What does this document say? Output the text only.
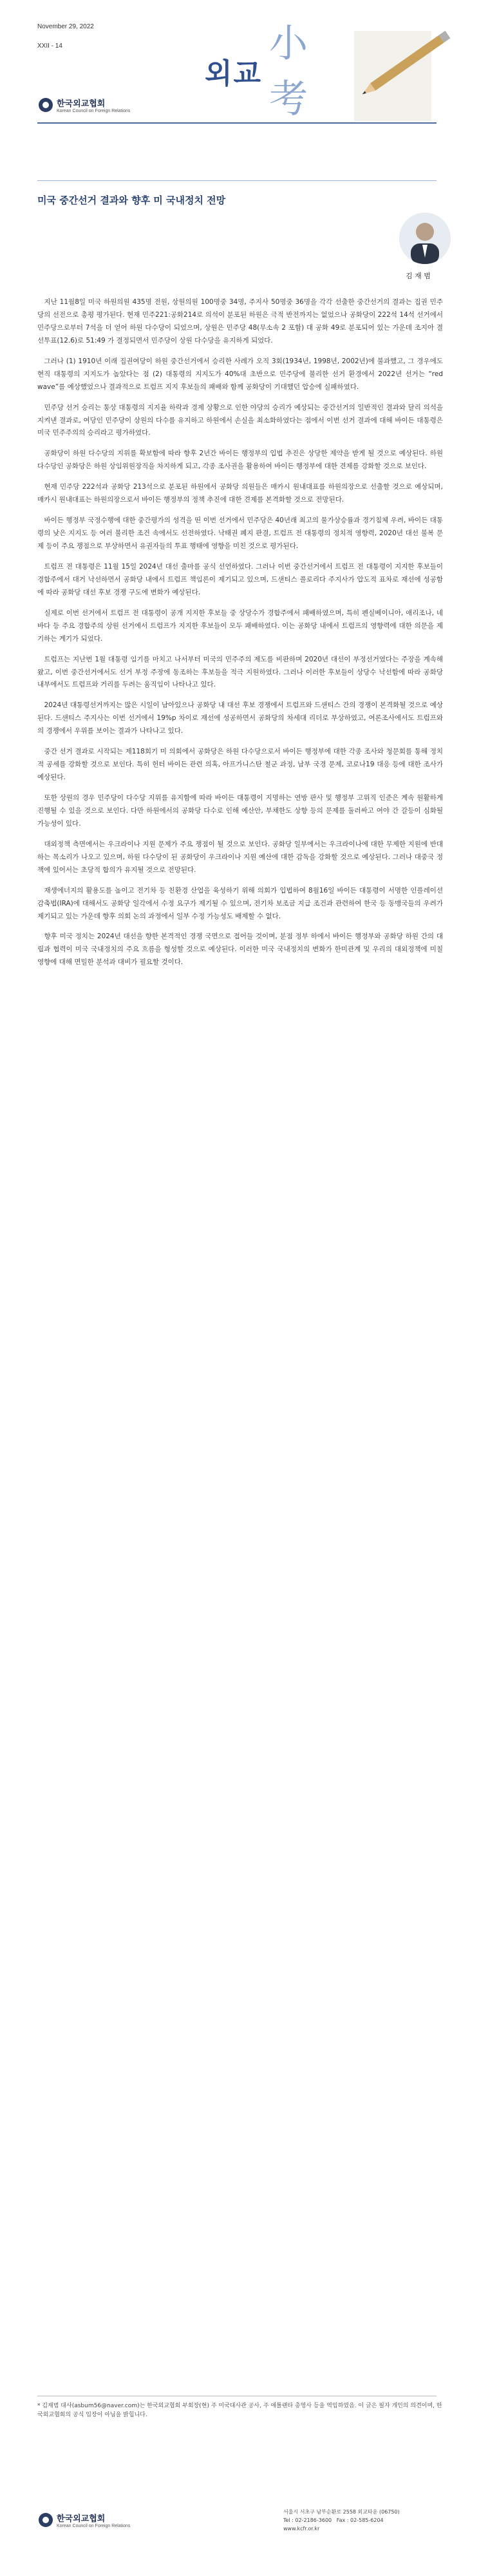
November 29, 2022
XXII - 14
한국외교협회
Korean Council on Foreign Relations
외교
小考
미국 중간선거 결과와 향후 미 국내정치 전망
김 재 범

지난 11월8일 미국 하원의원 435명 전원, 상원의원 100명중 34명, 주지사 50명중 36명을 각각 선출한 중간선거의 결과는 집권 민주당의 선전으로 총평 평가된다. 현재 민주221:공화214로 의석이 분포된 하원은 극적 반전까지는 없었으나 공화당이 222석 14석 선거에서 민주당으로부터 7석을 더 얻어 하원 다수당이 되었으며, 상원은 민주당 48(무소속 2 포함) 대 공화 49로 분포되어 있는 가운데 조지아 결선투표(12.6)로 51:49 가 결정되면서 민주당이 상원 다수당을 유지하게 되었다.

그러나 (1) 1910년 이래 집권여당이 하원 중간선거에서 승리한 사례가 오직 3회(1934년, 1998년, 2002년)에 불과했고, 그 경우에도 현직 대통령의 지지도가 높았다는 점 (2) 대통령의 지지도가 40%대 초반으로 민주당에 불리한 선거 환경에서 2022년 선거는 “red wave”를 예상했었으나 결과적으로 트럼프 지지 후보들의 패배와 함께 공화당이 기대했던 압승에 실패하였다.

민주당 선거 승리는 통상 대통령의 지지율 하락과 경제 상황으로 인한 야당의 승리가 예상되는 중간선거의 일반적인 결과와 달리 의석을 지켜낸 결과로, 여당인 민주당이 상원의 다수를 유지하고 하원에서 손실을 최소화하였다는 점에서 이번 선거 결과에 대해 바이든 대통령은 미국 민주주의의 승리라고 평가하였다.

공화당이 하원 다수당의 지위를 확보함에 따라 향후 2년간 바이든 행정부의 입법 추진은 상당한 제약을 받게 될 것으로 예상된다. 하원 다수당인 공화당은 하원 상임위원장직을 차지하게 되고, 각종 조사권을 활용하여 바이든 행정부에 대한 견제를 강화할 것으로 보인다.

현재 민주당 222석과 공화당 213석으로 분포된 하원에서 공화당 의원들은 매카시 원내대표를 하원의장으로 선출할 것으로 예상되며, 매카시 원내대표는 하원의장으로서 바이든 행정부의 정책 추진에 대한 견제를 본격화할 것으로 전망된다.

바이든 행정부 국정수행에 대한 중간평가의 성격을 띤 이번 선거에서 민주당은 40년래 최고의 물가상승률과 경기침체 우려, 바이든 대통령의 낮은 지지도 등 여러 불리한 조건 속에서도 선전하였다. 낙태권 폐지 판결, 트럼프 전 대통령의 정치적 영향력, 2020년 대선 불복 문제 등이 주요 쟁점으로 부상하면서 유권자들의 투표 행태에 영향을 미친 것으로 평가된다.

트럼프 전 대통령은 11월 15일 2024년 대선 출마를 공식 선언하였다. 그러나 이번 중간선거에서 트럼프 전 대통령이 지지한 후보들이 경합주에서 대거 낙선하면서 공화당 내에서 트럼프 책임론이 제기되고 있으며, 드샌티스 플로리다 주지사가 압도적 표차로 재선에 성공함에 따라 공화당 대선 후보 경쟁 구도에 변화가 예상된다.

실제로 이번 선거에서 트럼프 전 대통령이 공개 지지한 후보들 중 상당수가 경합주에서 패배하였으며, 특히 펜실베이니아, 애리조나, 네바다 등 주요 경합주의 상원 선거에서 트럼프가 지지한 후보들이 모두 패배하였다. 이는 공화당 내에서 트럼프의 영향력에 대한 의문을 제기하는 계기가 되었다.

트럼프는 지난번 1월 대통령 임기를 마치고 나서부터 미국의 민주주의 제도를 비판하며 2020년 대선이 부정선거였다는 주장을 계속해 왔고, 이번 중간선거에서도 선거 부정 주장에 동조하는 후보들을 적극 지원하였다. 그러나 이러한 후보들이 상당수 낙선함에 따라 공화당 내부에서도 트럼프와 거리를 두려는 움직임이 나타나고 있다.

2024년 대통령선거까지는 많은 시일이 남아있으나 공화당 내 대선 후보 경쟁에서 트럼프와 드샌티스 간의 경쟁이 본격화될 것으로 예상된다. 드샌티스 주지사는 이번 선거에서 19%p 차이로 재선에 성공하면서 공화당의 차세대 리더로 부상하였고, 여론조사에서도 트럼프와의 경쟁에서 우위를 보이는 결과가 나타나고 있다.

중간 선거 결과로 시작되는 제118회기 미 의회에서 공화당은 하원 다수당으로서 바이든 행정부에 대한 각종 조사와 청문회를 통해 정치적 공세를 강화할 것으로 보인다. 특히 헌터 바이든 관련 의혹, 아프가니스탄 철군 과정, 남부 국경 문제, 코로나19 대응 등에 대한 조사가 예상된다.

또한 상원의 경우 민주당이 다수당 지위를 유지함에 따라 바이든 대통령이 지명하는 연방 판사 및 행정부 고위직 인준은 계속 원활하게 진행될 수 있을 것으로 보인다. 다만 하원에서의 공화당 다수로 인해 예산안, 부채한도 상향 등의 문제를 둘러싸고 여야 간 갈등이 심화될 가능성이 있다.

대외정책 측면에서는 우크라이나 지원 문제가 주요 쟁점이 될 것으로 보인다. 공화당 일부에서는 우크라이나에 대한 무제한 지원에 반대하는 목소리가 나오고 있으며, 하원 다수당이 된 공화당이 우크라이나 지원 예산에 대한 감독을 강화할 것으로 예상된다. 그러나 대중국 정책에 있어서는 초당적 합의가 유지될 것으로 전망된다.

재생에너지의 활용도를 높이고 전기차 등 친환경 산업을 육성하기 위해 의회가 입법하여 8월16일 바이든 대통령이 서명한 인플레이션 감축법(IRA)에 대해서도 공화당 일각에서 수정 요구가 제기될 수 있으며, 전기차 보조금 지급 조건과 관련하여 한국 등 동맹국들의 우려가 제기되고 있는 가운데 향후 의회 논의 과정에서 일부 수정 가능성도 배제할 수 없다.

향후 미국 정치는 2024년 대선을 향한 본격적인 경쟁 국면으로 접어들 것이며, 분점 정부 하에서 바이든 행정부와 공화당 하원 간의 대립과 협력이 미국 국내정치의 주요 흐름을 형성할 것으로 예상된다. 이러한 미국 국내정치의 변화가 한미관계 및 우리의 대외정책에 미칠 영향에 대해 면밀한 분석과 대비가 필요할 것이다.

* 김재범 대사(asbum56@naver.com)는 한국외교협회 부회장(현) 주 미국대사관 공사, 주 애틀랜타 총영사 등을 역임하였음. 이 글은 필자 개인의 의견이며, 한국외교협회의 공식 입장이 아님을 밝힙니다.
한국외교협회
Korean Council on Foreign Relations
서울시 서초구 남부순환로 2558 외교타운 (06750)
Tel : 02-2186-3600 Fax : 02-585-6204
www.kcfr.or.kr
